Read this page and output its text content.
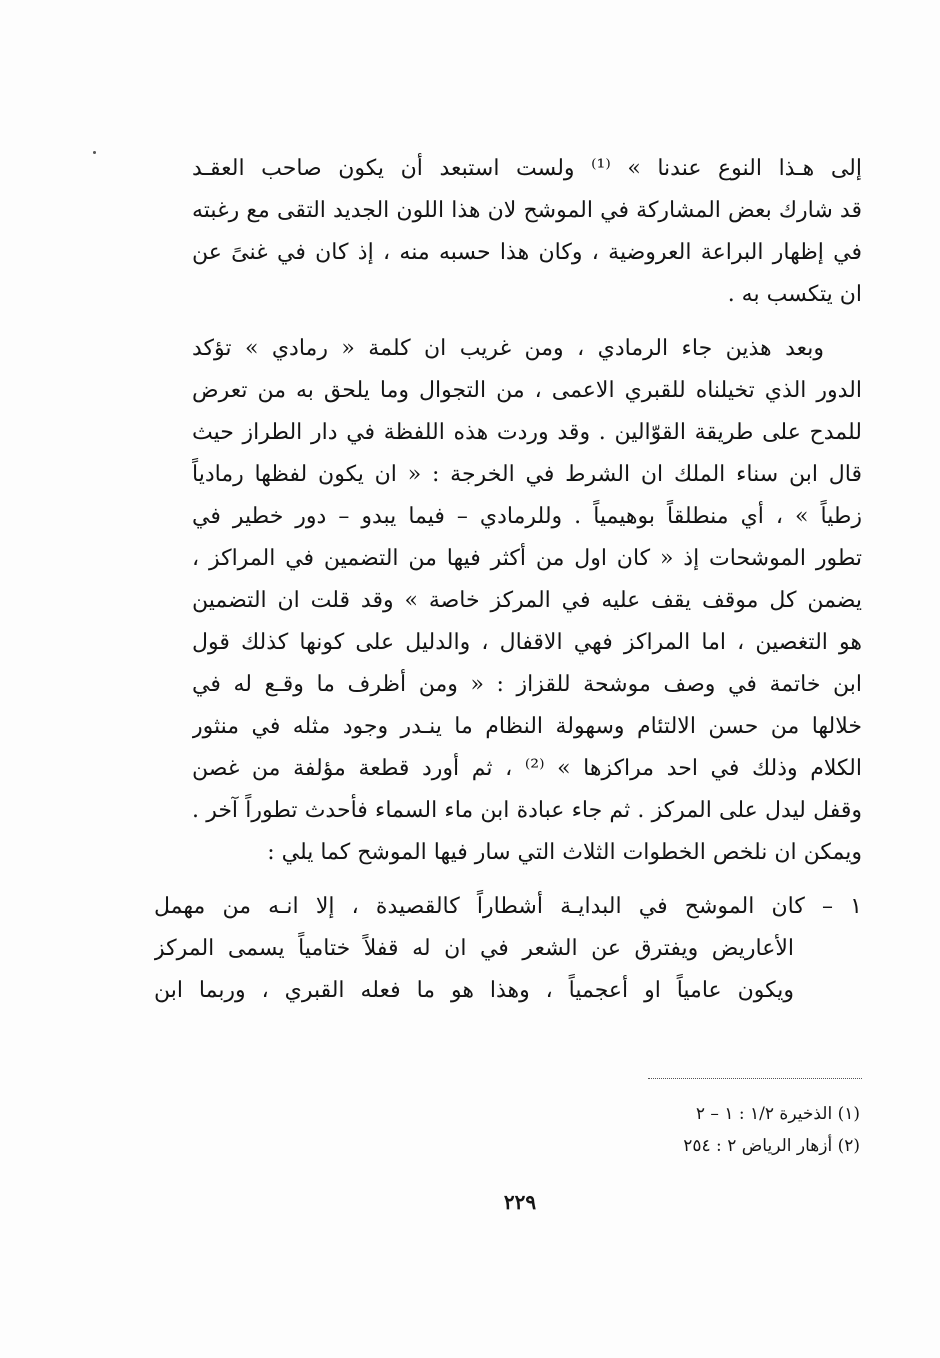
إلى هـذا النوع عندنا » ⁽¹⁾ ولست استبعد أن يكون صاحب العقـد
قد شارك بعض المشاركة في الموشح لان هذا اللون الجديد التقى مع رغبته
في إظهار البراعة العروضية ، وكان هذا حسبه منه ، إذ كان في غنىً عن
ان يتكسب به .
وبعد هذين جاء الرمادي ، ومن غريب ان كلمة « رمادي » تؤكد
الدور الذي تخيلناه للقبري الاعمى ، من التجوال وما يلحق به من تعرض
للمدح على طريقة القوّالين . وقد وردت هذه اللفظة في دار الطراز حيث
قال ابن سناء الملك ان الشرط في الخرجة : « ان يكون لفظها رمادياً
زطياً » ، أي منطلقاً بوهيمياً . وللرمادي – فيما يبدو – دور خطير في
تطور الموشحات إذ « كان اول من أكثر فيها من التضمين في المراكز ،
يضمن كل موقف يقف عليه في المركز خاصة » وقد قلت ان التضمين
هو التغصين ، اما المراكز فهي الاقفال ، والدليل على كونها كذلك قول
ابن خاتمة في وصف موشحة للقزاز : « ومن أظرف ما وقـع له في
خلالها من حسن الالتئام وسهولة النظام ما ينـدر وجود مثله في منثور
الكلام وذلك في احد مراكزها » ⁽²⁾ ، ثم أورد قطعة مؤلفة من غصن
وقفل ليدل على المركز . ثم جاء عبادة ابن ماء السماء فأحدث تطوراً آخر .
ويمكن ان نلخص الخطوات الثلاث التي سار فيها الموشح كما يلي :
١ – كان الموشح في البدايـة أشطاراً كالقصيدة ، إلا انـه من مهمل
الأعاريض ويفترق عن الشعر في ان له قفلاً ختامياً يسمى المركز
ويكون عامياً او أعجمياً ، وهذا هو ما فعله القبري ، وربما ابن
(١) الذخيرة ١/٢ : ١ – ٢
(٢) أزهار الرياض ٢ : ٢٥٤
٢٢٩
